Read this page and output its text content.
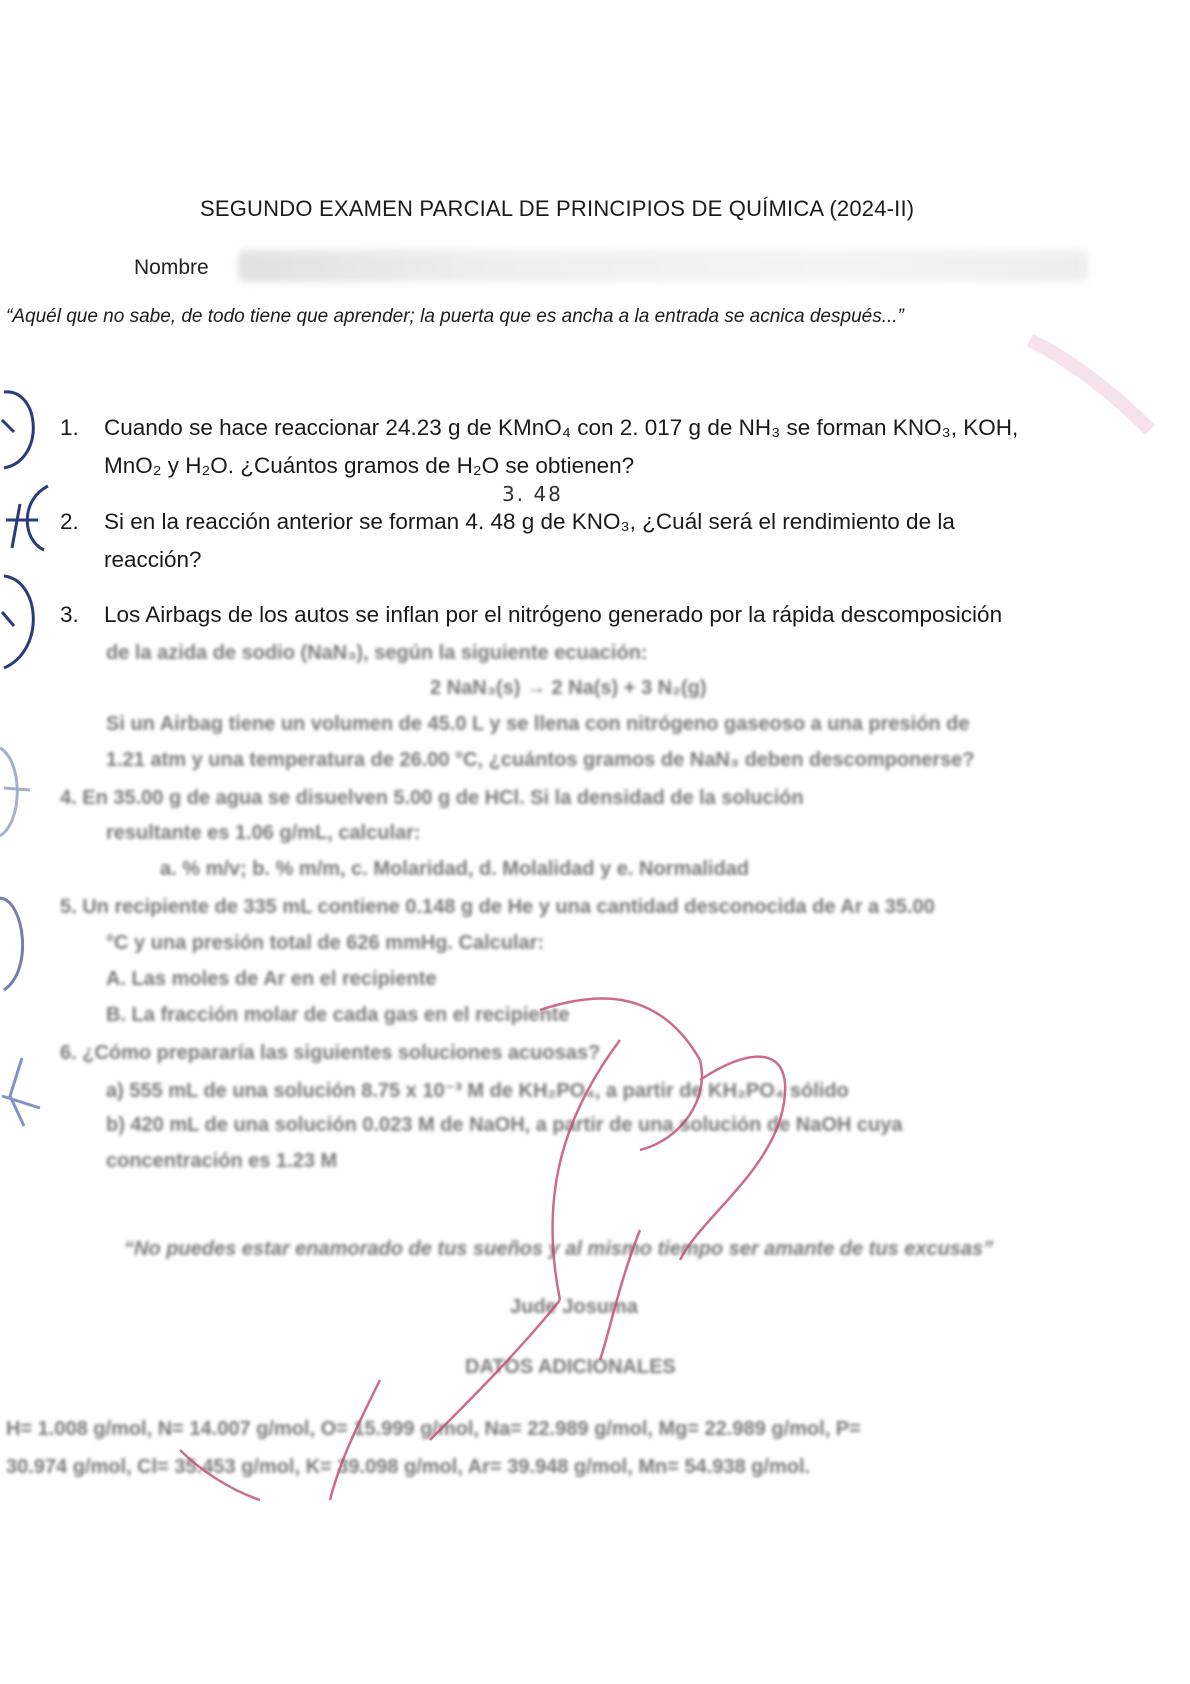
SEGUNDO EXAMEN PARCIAL DE PRINCIPIOS DE QUÍMICA (2024-II)
Nombre
“Aquél que no sabe, de todo tiene que aprender; la puerta que es ancha a la entrada se acnica después...”
1.	Cuando se hace reaccionar 24.23 g de KMnO₄ con 2. 017 g de NH₃ se forman KNO₃, KOH,
MnO₂ y H₂O. ¿Cuántos gramos de H₂O se obtienen?
3. 48
2.	Si en la reacción anterior se forman 4. 48 g de KNO₃, ¿Cuál será el rendimiento de la
reacción?
3.	Los Airbags de los autos se inflan por el nitrógeno generado por la rápida descomposición
de la azida de sodio (NaN₃), según la siguiente ecuación:
2 NaN₃(s) → 2 Na(s) + 3 N₂(g)
Si un Airbag tiene un volumen de 45.0 L y se llena con nitrógeno gaseoso a una presión de
1.21 atm y una temperatura de 26.00 °C, ¿cuántos gramos de NaN₃ deben descomponerse?
4. En 35.00 g de agua se disuelven 5.00 g de HCl. Si la densidad de la solución
resultante es 1.06 g/mL, calcular:
a. % m/v; b. % m/m, c. Molaridad, d. Molalidad y e. Normalidad
5. Un recipiente de 335 mL contiene 0.148 g de He y una cantidad desconocida de Ar a 35.00
°C y una presión total de 626 mmHg. Calcular:
A. Las moles de Ar en el recipiente
B. La fracción molar de cada gas en el recipiente
6. ¿Cómo prepararía las siguientes soluciones acuosas?
a) 555 mL de una solución 8.75 x 10⁻³ M de KH₂PO₄, a partir de KH₂PO₄ sólido
b) 420 mL de una solución 0.023 M de NaOH, a partir de una solución de NaOH cuya
concentración es 1.23 M
“No puedes estar enamorado de tus sueños y al mismo tiempo ser amante de tus excusas”
Jude Josuma
DATOS ADICIONALES
H= 1.008 g/mol, N= 14.007 g/mol, O= 15.999 g/mol, Na= 22.989 g/mol, Mg= 22.989 g/mol, P=
30.974 g/mol, Cl= 35.453 g/mol, K= 39.098 g/mol, Ar= 39.948 g/mol, Mn= 54.938 g/mol.
